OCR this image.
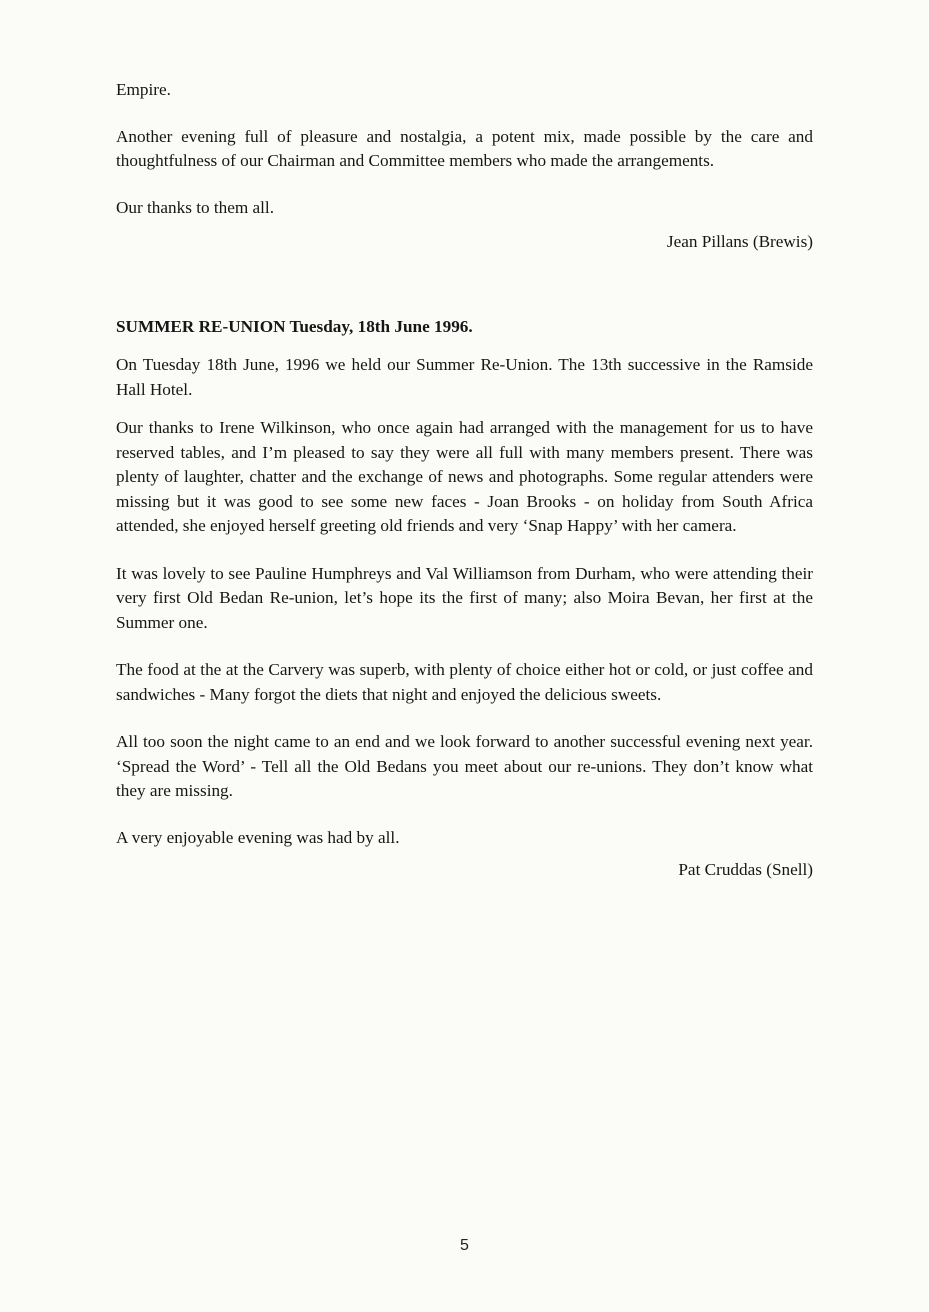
Empire.

Another evening full of pleasure and nostalgia, a potent mix, made possible by the care and thoughtfulness of our Chairman and Committee members who made the arrangements.

Our thanks to them all.

Jean Pillans (Brewis)

SUMMER RE-UNION Tuesday, 18th June 1996.

On Tuesday 18th June, 1996 we held our Summer Re-Union. The 13th successive in the Ramside Hall Hotel.

Our thanks to Irene Wilkinson, who once again had arranged with the management for us to have reserved tables, and I’m pleased to say they were all full with many members present. There was plenty of laughter, chatter and the exchange of news and photographs. Some regular attenders were missing but it was good to see some new faces - Joan Brooks - on holiday from South Africa attended, she enjoyed herself greeting old friends and very ‘Snap Happy’ with her camera.

It was lovely to see Pauline Humphreys and Val Williamson from Durham, who were attending their very first Old Bedan Re-union, let’s hope its the first of many; also Moira Bevan, her first at the Summer one.

The food at the at the Carvery was superb, with plenty of choice either hot or cold, or just coffee and sandwiches - Many forgot the diets that night and enjoyed the delicious sweets.

All too soon the night came to an end and we look forward to another successful evening next year. ‘Spread the Word’ - Tell all the Old Bedans you meet about our re-unions. They don’t know what they are missing.

A very enjoyable evening was had by all.

Pat Cruddas (Snell)

5
